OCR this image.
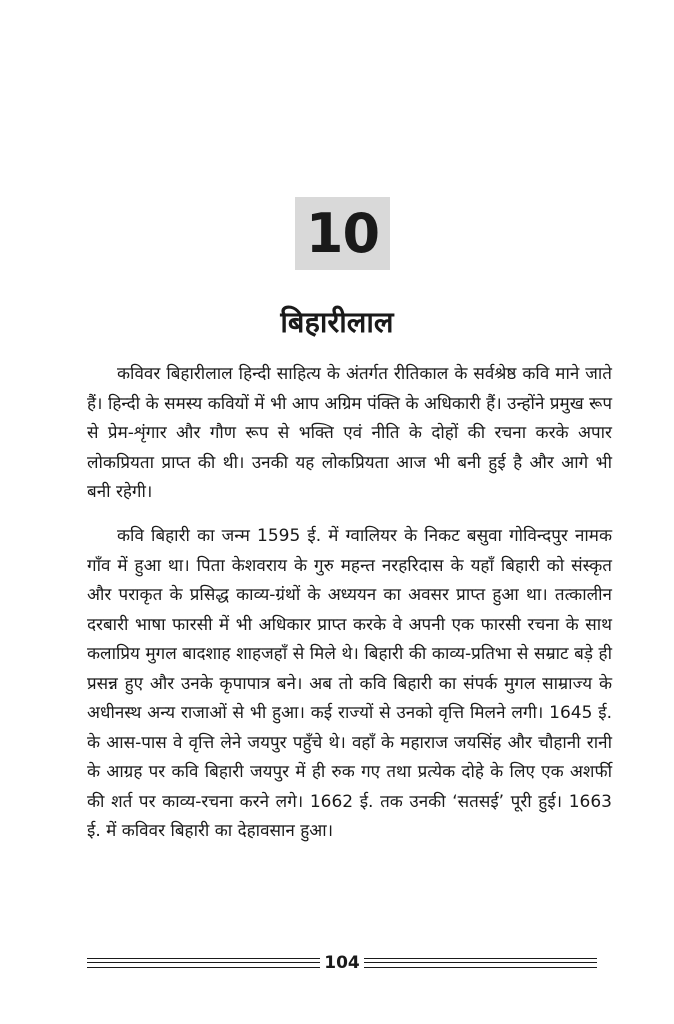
10
बिहारीलाल

कविवर बिहारीलाल हिन्दी साहित्य के अंतर्गत रीतिकाल के सर्वश्रेष्ठ कवि माने जाते हैं। हिन्दी के समस्य कवियों में भी आप अग्रिम पंक्ति के अधिकारी हैं। उन्होंने प्रमुख रूप से प्रेम-शृंगार और गौण रूप से भक्ति एवं नीति के दोहों की रचना करके अपार लोकप्रियता प्राप्त की थी। उनकी यह लोकप्रियता आज भी बनी हुई है और आगे भी बनी रहेगी।

कवि बिहारी का जन्म 1595 ई. में ग्वालियर के निकट बसुवा गोविन्दपुर नामक गाँव में हुआ था। पिता केशवराय के गुरु महन्त नरहरिदास के यहाँ बिहारी को संस्कृत और पराकृत के प्रसिद्ध काव्य-ग्रंथों के अध्ययन का अवसर प्राप्त हुआ था। तत्कालीन दरबारी भाषा फारसी में भी अधिकार प्राप्त करके वे अपनी एक फारसी रचना के साथ कलाप्रिय मुगल बादशाह शाहजहाँ से मिले थे। बिहारी की काव्य-प्रतिभा से सम्राट बड़े ही प्रसन्न हुए और उनके कृपापात्र बने। अब तो कवि बिहारी का संपर्क मुगल साम्राज्य के अधीनस्थ अन्य राजाओं से भी हुआ। कई राज्यों से उनको वृत्ति मिलने लगी। 1645 ई. के आस-पास वे वृत्ति लेने जयपुर पहुँचे थे। वहाँ के महाराज जयसिंह और चौहानी रानी के आग्रह पर कवि बिहारी जयपुर में ही रुक गए तथा प्रत्येक दोहे के लिए एक अशर्फी की शर्त पर काव्य-रचना करने लगे। 1662 ई. तक उनकी ‘सतसई’ पूरी हुई। 1663 ई. में कविवर बिहारी का देहावसान हुआ।

104
